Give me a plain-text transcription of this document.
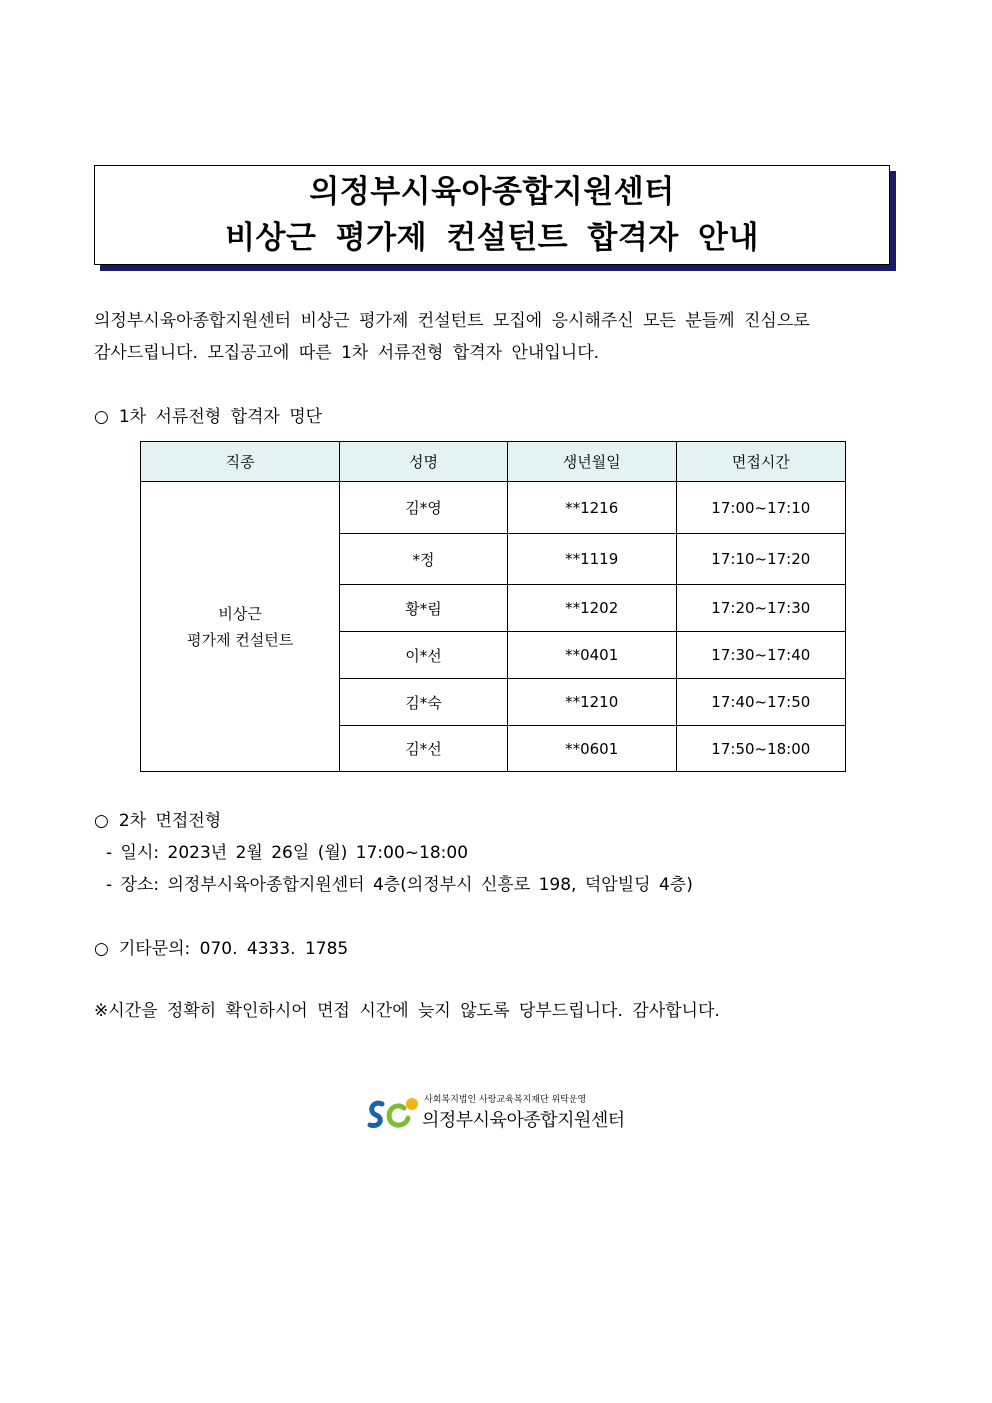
의정부시육아종합지원센터
비상근 평가제 컨설턴트 합격자 안내
의정부시육아종합지원센터 비상근 평가제 컨설턴트 모집에 응시해주신 모든 분들께 진심으로
감사드립니다. 모집공고에 따른 1차 서류전형 합격자 안내입니다.
○ 1차 서류전형 합격자 명단
직종	성명	생년월일	면접시간

비상근
평가제 컨설턴트	김*영	**1216	17:00~17:10
	*정	**1119	17:10~17:20
	황*림	**1202	17:20~17:30
	이*선	**0401	17:30~17:40
	김*숙	**1210	17:40~17:50
	김*선	**0601	17:50~18:00
○ 2차 면접전형
- 일시: 2023년 2월 26일 (월) 17:00~18:00
- 장소: 의정부시육아종합지원센터 4층(의정부시 신흥로 198, 덕암빌딩 4층)
○ 기타문의: 070. 4333. 1785
※시간을 정확히 확인하시어 면접 시간에 늦지 않도록 당부드립니다. 감사합니다.
사회복지법인 사랑교육복지재단 위탁운영
의정부시육아종합지원센터
